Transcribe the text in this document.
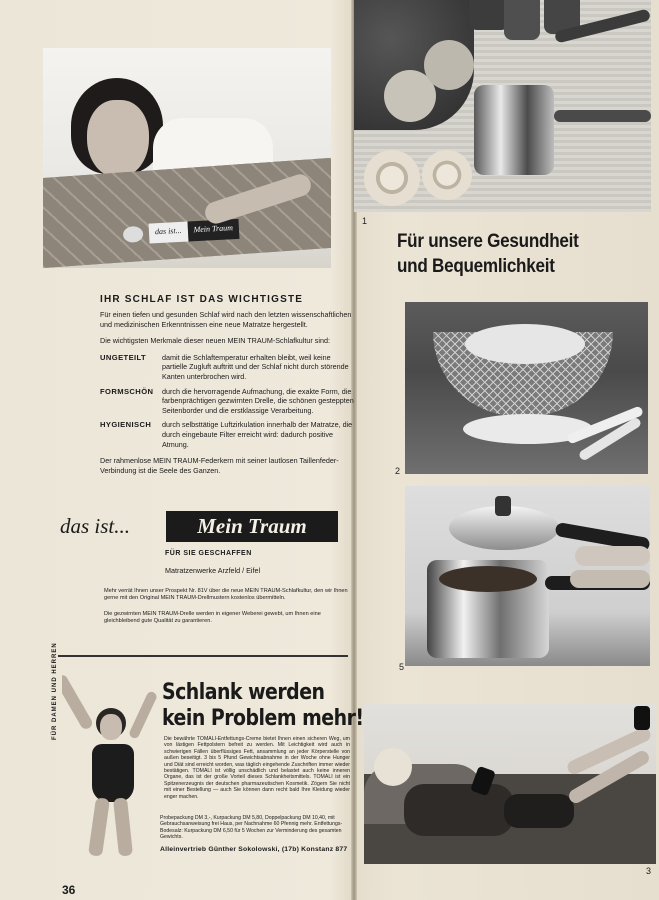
das ist...	Mein Traum
IHR SCHLAF IST DAS WICHTIGSTE
Für einen tiefen und gesunden Schlaf wird nach den letzten wissenschaftlichen und medizinischen Erkenntnissen eine neue Matratze hergestellt.
Die wichtigsten Merkmale dieser neuen MEIN TRAUM-Schlafkultur sind:
UNGETEILT damit die Schlaftemperatur erhalten bleibt, weil keine partielle Zugluft auftritt und der Schlaf nicht durch störende Kanten unterbrochen wird.
FORMSCHÖN durch die hervorragende Aufmachung, die exakte Form, die farbenprächtigen gezwirnten Drelle, die schönen gesteppten Seitenborder und die erstklassige Verarbeitung.
HYGIENISCH durch selbsttätige Luftzirkulation innerhalb der Matratze, die durch eingebaute Filter erreicht wird: dadurch positive Atmung.
Der rahmenlose MEIN TRAUM-Federkern mit seiner lautlosen Taillenfeder-Verbindung ist die Seele des Ganzen.
das ist...	Mein Traum
FÜR SIE GESCHAFFEN
Matratzenwerke Arzfeld / Eifel
Mehr verrät Ihnen unser Prospekt Nr. 81V über die neue MEIN TRAUM-Schlafkultur, den wir Ihnen gerne mit den Original MEIN TRAUM-Drellmustern kostenlos übermitteln.
Die gezwirnten MEIN TRAUM-Drelle werden in eigener Weberei gewebt, um Ihnen eine gleichbleibend gute Qualität zu garantieren.
FÜR DAMEN UND HERREN	Schlank werden
kein Problem mehr!
Die bewährte TOMALI-Entfettungs-Creme bietet Ihnen einen sicheren Weg, um von lästigen Fettpolstern befreit zu werden. Mit Leichtigkeit wird auch in schwierigen Fällen überflüssiges Fett, ansammlung an jeder Körperstelle von außen beseitigt. 3 bis 5 Pfund Gewichtsabnahme in der Woche ohne Hunger und Diät sind erreicht worden, was täglich eingehende Zuschriften immer wieder bestätigen. TOMALI ist völlig unschädlich und belastet auch keine inneren Organe, das ist der große Vorteil dieses Schlankheitsmittels. TOMALI ist ein Spitzenerzeugnis der deutschen pharmazeutischen Kosmetik. Zögern Sie nicht mit einer Bestellung — auch Sie können dann recht bald Ihre Kleidung wieder enger machen.
Probepackung DM 3,-, Kurpackung DM 5,80, Doppelpackung DM 10,40, mit Gebrauchsanweisung frei Haus, per Nachnahme 60 Pfennig mehr. Entfettungs-Bodesalz: Kurpackung DM 6,50 für 5 Wochen zur Verminderung des gesamten Gewichts.
Alleinvertrieb Günther Sokolowski, (17b) Konstanz 877
36
1
Für unsere Gesundheit
und Bequemlichkeit
2
5
3
